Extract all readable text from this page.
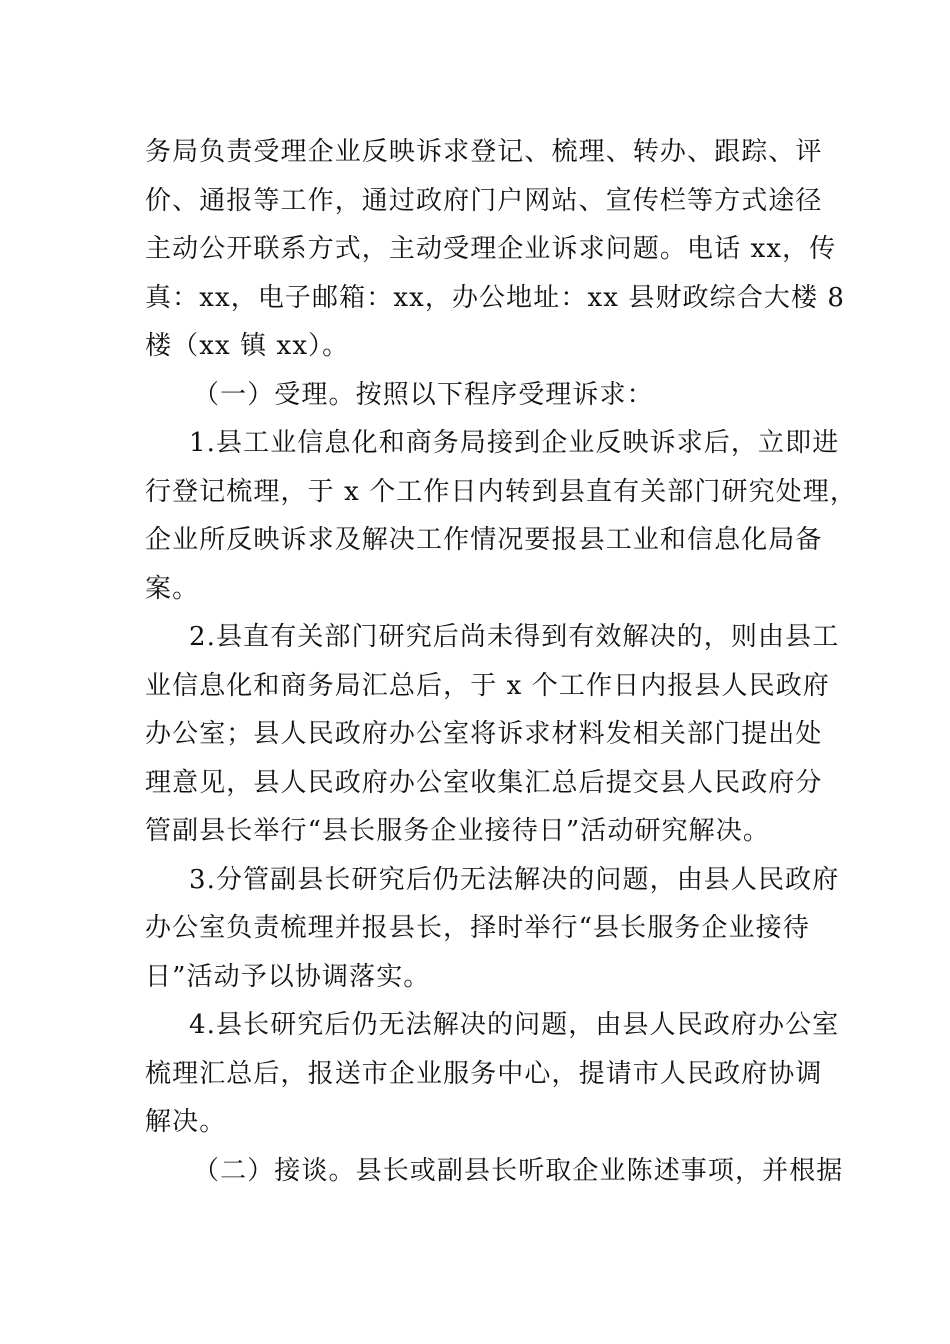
务局负责受理企业反映诉求登记、梳理、转办、跟踪、评
价、通报等工作，通过政府门户网站、宣传栏等方式途径
主动公开联系方式，主动受理企业诉求问题。电话 xx，传
真：xx，电子邮箱：xx，办公地址：xx 县财政综合大楼 8
楼（xx 镇 xx）。
（一）受理。按照以下程序受理诉求：
1.县工业信息化和商务局接到企业反映诉求后，立即进
行登记梳理，于 x 个工作日内转到县直有关部门研究处理，
企业所反映诉求及解决工作情况要报县工业和信息化局备
案。
2.县直有关部门研究后尚未得到有效解决的，则由县工
业信息化和商务局汇总后，于 x 个工作日内报县人民政府
办公室；县人民政府办公室将诉求材料发相关部门提出处
理意见，县人民政府办公室收集汇总后提交县人民政府分
管副县长举行“县长服务企业接待日”活动研究解决。
3.分管副县长研究后仍无法解决的问题，由县人民政府
办公室负责梳理并报县长，择时举行“县长服务企业接待
日”活动予以协调落实。
4.县长研究后仍无法解决的问题，由县人民政府办公室
梳理汇总后，报送市企业服务中心，提请市人民政府协调
解决。
（二）接谈。县长或副县长听取企业陈述事项，并根据
